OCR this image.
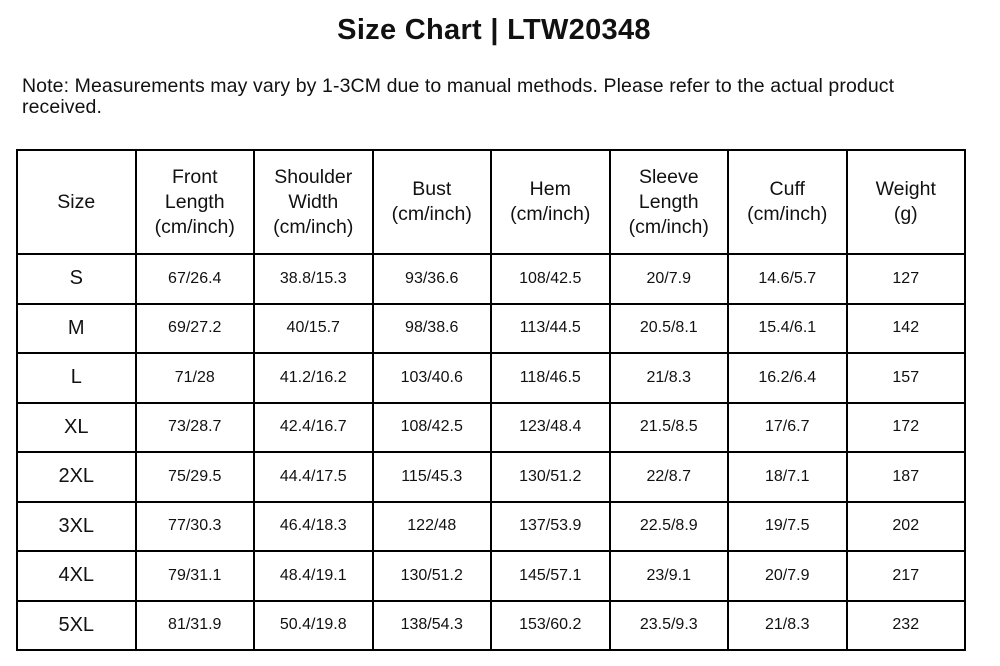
Size Chart | LTW20348
Note: Measurements may vary by 1-3CM due to manual methods. Please refer to the actual product received.
Size	Front
Length
(cm/inch)	Shoulder
Width
(cm/inch)	Bust
(cm/inch)	Hem
(cm/inch)	Sleeve
Length
(cm/inch)	Cuff
(cm/inch)	Weight
(g)

S	67/26.4	38.8/15.3	93/36.6	108/42.5	20/7.9	14.6/5.7	127
M	69/27.2	40/15.7	98/38.6	113/44.5	20.5/8.1	15.4/6.1	142
L	71/28	41.2/16.2	103/40.6	118/46.5	21/8.3	16.2/6.4	157
XL	73/28.7	42.4/16.7	108/42.5	123/48.4	21.5/8.5	17/6.7	172
2XL	75/29.5	44.4/17.5	115/45.3	130/51.2	22/8.7	18/7.1	187
3XL	77/30.3	46.4/18.3	122/48	137/53.9	22.5/8.9	19/7.5	202
4XL	79/31.1	48.4/19.1	130/51.2	145/57.1	23/9.1	20/7.9	217
5XL	81/31.9	50.4/19.8	138/54.3	153/60.2	23.5/9.3	21/8.3	232
